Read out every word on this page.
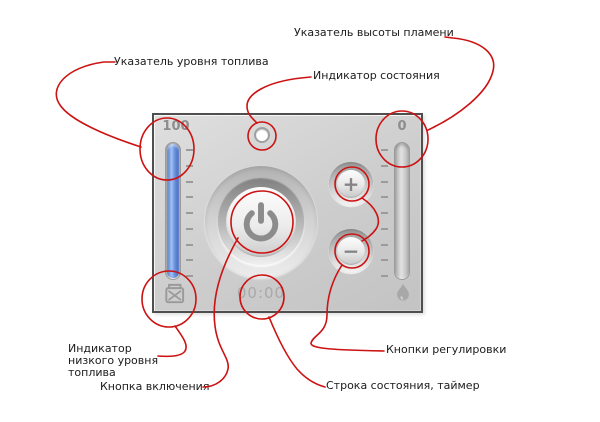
Указатель высоты пламени
Указатель уровня топлива
Индикатор состояния
Индикатор низкого уровня топлива
Кнопка включения
Кнопки регулировки
Строка состояния, таймер
100	0
+
−
00:00
